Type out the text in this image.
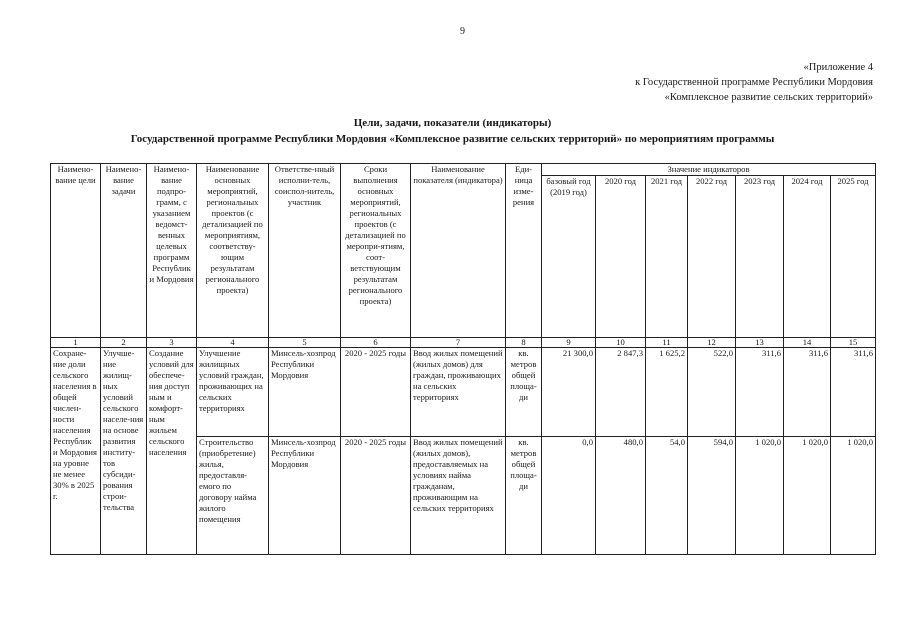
9
«Приложение 4
к Государственной программе Республики Мордовия
«Комплексное развитие сельских территорий»
Цели, задачи, показатели (индикаторы)
Государственной программе Республики Мордовия «Комплексное развитие сельских территорий» по мероприятиям программы
Наимено-вание цели	Наимено-вание задачи	Наимено-вание подпро-грамм, с указанием ведомст-венных целевых программ Республик и Мордовия	Наименование основных мероприятий, региональных проектов (с детализацией по мероприятиям, соответству-ющим результатам регионального проекта)	Ответстве-нный исполни-тель, соиспол-нитель, участник	Сроки выполнения основных мероприятий, региональных проектов (с детализацией по меропри-ятиям, соот-ветствующим результатам регионального проекта)	Наименование показателя (индикатора)	Еди-ница изме-рения	Значение индикаторов						
								базовый год (2019 год)	2020 год	2021 год	2022 год	2023 год	2024 год	2025 год
1	2	3	4	5	6	7	8	9	10	11	12	13	14	15
Сохране-ние доли сельского населения в общей числен-ности населения Республик и Мордовия на уровне не менее 30% в 2025 г.	Улучше-ние жилищ-ных условий сельского населе-ния на основе развития институ-тов субсиди-рования строи-тельства	Создание условий для обеспече-ния доступ ным и комфорт-ным жильем сельского населения	Улучшение жилищных условий граждан, проживающих на сельских территориях	Минсель-хозпрод Республики Мордовия	2020 - 2025 годы	Ввод жилых помещений (жилых домов) для граждан, проживающих на сельских территориях	кв. метров общей площа-ди	21 300,0	2 847,3	1 625,2	522,0	311,6	311,6	311,6
			Строительство (приобретение) жилья, предоставля-емого по договору найма жилого помещения	Минсель-хозпрод Республики Мордовия	2020 - 2025 годы	Ввод жилых помещений (жилых домов), предоставляемых на условиях найма гражданам, проживающим на сельских территориях	кв. метров общей площа-ди	0,0	480,0	54,0	594,0	1 020,0	1 020,0	1 020,0
